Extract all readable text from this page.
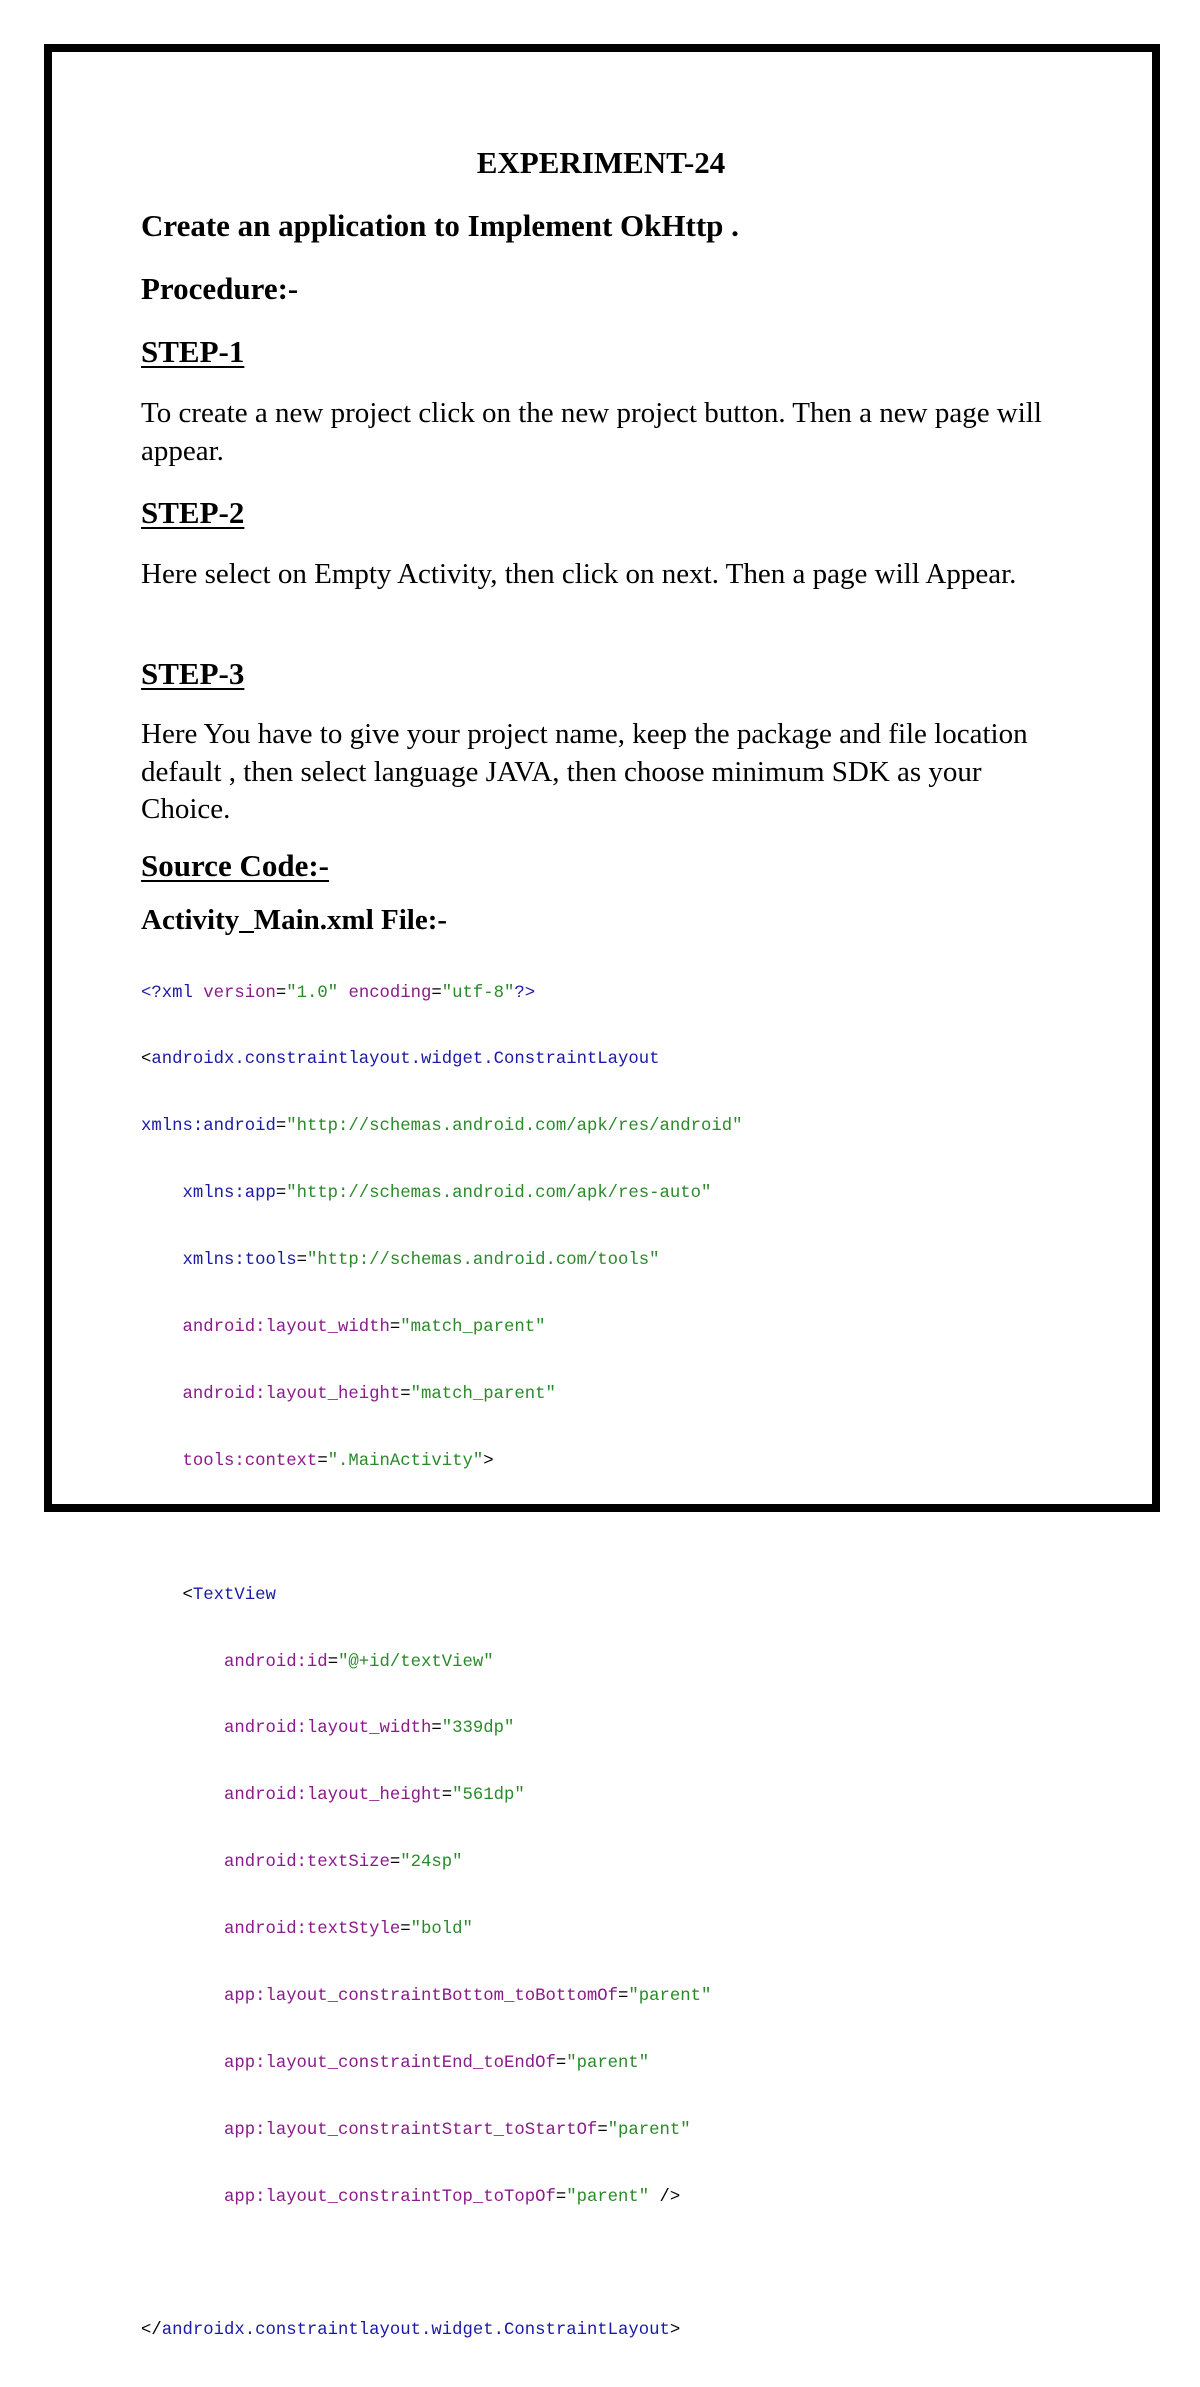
EXPERIMENT-24

Create an application to Implement OkHttp .

Procedure:-

STEP-1

To create a new project click on the new project button. Then a new page will appear.

STEP-2

Here select on Empty Activity, then click on next. Then a page will Appear.

STEP-3

Here You have to give your project name, keep the package and file location default , then select language JAVA, then choose minimum SDK as your Choice.

Source Code:-

Activity_Main.xml File:-

<?xml version="1.0" encoding="utf-8"?>

<androidx.constraintlayout.widget.ConstraintLayout

xmlns:android="http://schemas.android.com/apk/res/android"

xmlns:app="http://schemas.android.com/apk/res-auto"

xmlns:tools="http://schemas.android.com/tools"

android:layout_width="match_parent"

android:layout_height="match_parent"

tools:context=".MainActivity">

<TextView

android:id="@+id/textView"

android:layout_width="339dp"

android:layout_height="561dp"

android:textSize="24sp"

android:textStyle="bold"

app:layout_constraintBottom_toBottomOf="parent"

app:layout_constraintEnd_toEndOf="parent"

app:layout_constraintStart_toStartOf="parent"

app:layout_constraintTop_toTopOf="parent" />

</androidx.constraintlayout.widget.ConstraintLayout>
